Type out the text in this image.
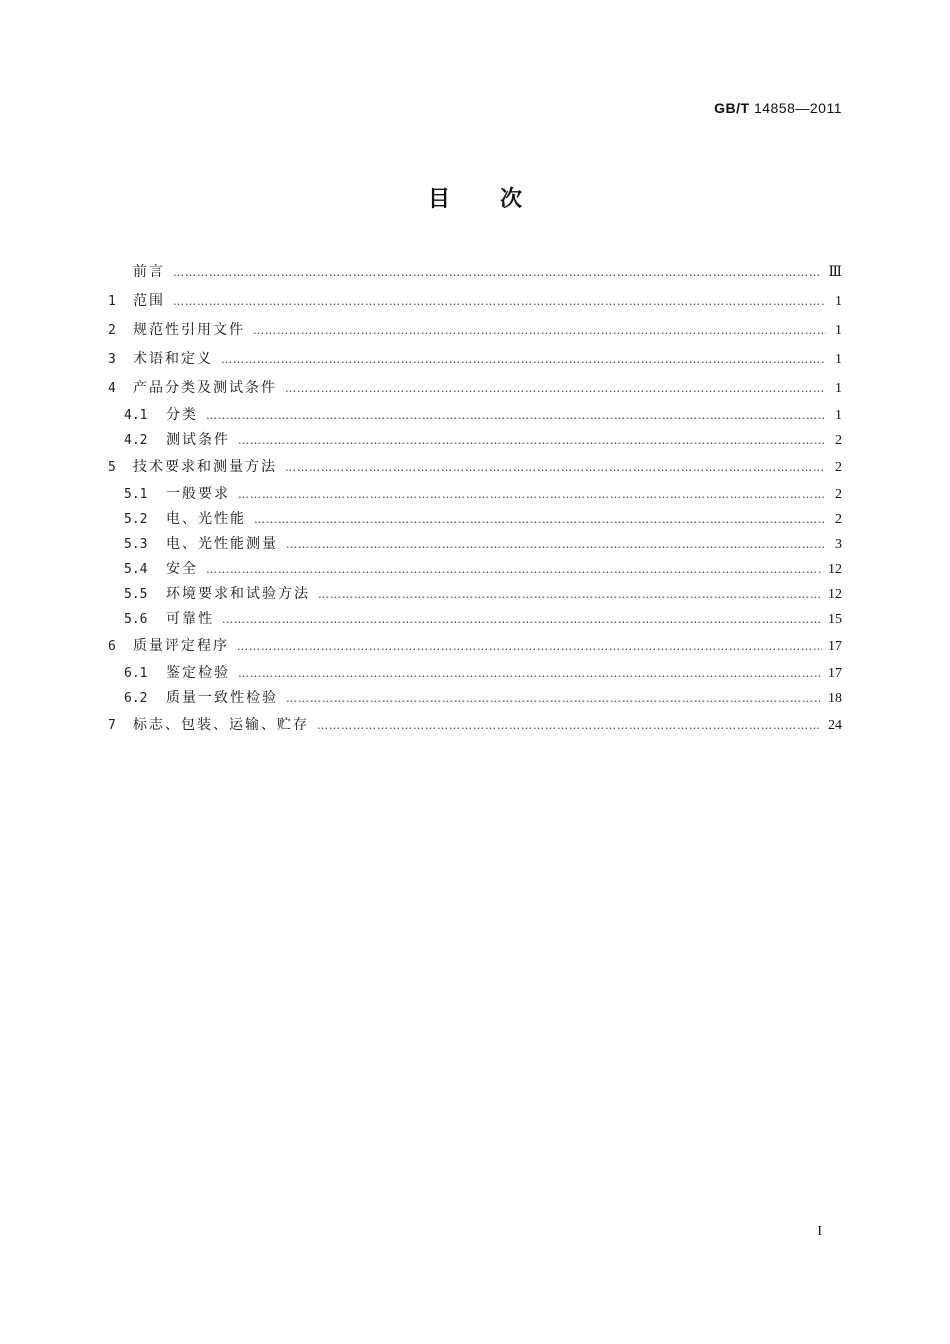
GB/T 14858—2011
目次
前言 ………………………………………………………………………………………………………………………………………………………………………………………………………………	Ⅲ
1	范围 ………………………………………………………………………………………………………………………………………………………………………………………………………………	1
2	规范性引用文件 ………………………………………………………………………………………………………………………………………………………………………………………………………………	1
3	术语和定义 ………………………………………………………………………………………………………………………………………………………………………………………………………………	1
4	产品分类及测试条件 ………………………………………………………………………………………………………………………………………………………………………………………………………………	1
4.1	分类 ………………………………………………………………………………………………………………………………………………………………………………………………………………	1
4.2	测试条件 ………………………………………………………………………………………………………………………………………………………………………………………………………………	2
5	技术要求和测量方法 ………………………………………………………………………………………………………………………………………………………………………………………………………………	2
5.1	一般要求 ………………………………………………………………………………………………………………………………………………………………………………………………………………	2
5.2	电、光性能 ………………………………………………………………………………………………………………………………………………………………………………………………………………	2
5.3	电、光性能测量 ………………………………………………………………………………………………………………………………………………………………………………………………………………	3
5.4	安全 ………………………………………………………………………………………………………………………………………………………………………………………………………………	12
5.5	环境要求和试验方法 ………………………………………………………………………………………………………………………………………………………………………………………………………………	12
5.6	可靠性 ………………………………………………………………………………………………………………………………………………………………………………………………………………	15
6	质量评定程序 ………………………………………………………………………………………………………………………………………………………………………………………………………………	17
6.1	鉴定检验 ………………………………………………………………………………………………………………………………………………………………………………………………………………	17
6.2	质量一致性检验 ………………………………………………………………………………………………………………………………………………………………………………………………………………	18
7	标志、包装、运输、贮存 ………………………………………………………………………………………………………………………………………………………………………………………………………………	24
I
